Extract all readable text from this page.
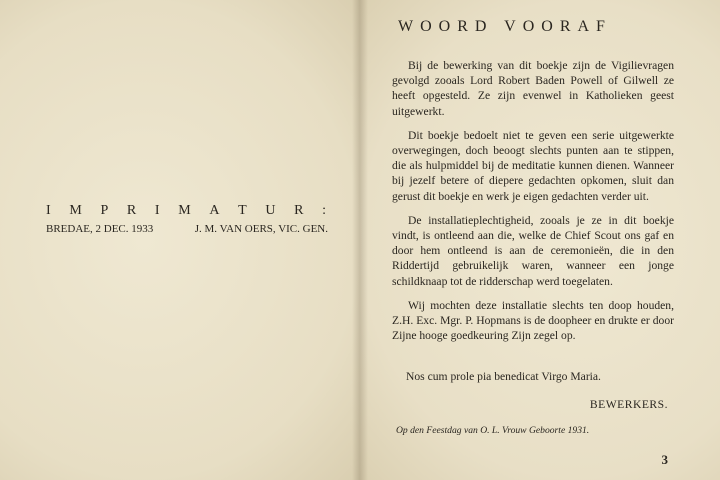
I M P R I M A T U R :
BREDAE, 2 DEC. 1933	J. M. VAN OERS, VIC. GEN.
WOORD VOORAF

Bij de bewerking van dit boekje zijn de Vigilievragen gevolgd zooals Lord Robert Baden Powell of Gilwell ze heeft opgesteld. Ze zijn evenwel in Katholieken geest uitgewerkt.

Dit boekje bedoelt niet te geven een serie uitgewerkte overwegingen, doch beoogt slechts punten aan te stippen, die als hulpmiddel bij de meditatie kunnen dienen. Wanneer bij jezelf betere of diepere gedachten opkomen, sluit dan gerust dit boekje en werk je eigen gedachten verder uit.

De installatieplechtigheid, zooals je ze in dit boekje vindt, is ontleend aan die, welke de Chief Scout ons gaf en door hem ontleend is aan de ceremonieën, die in den Riddertijd gebruikelijk waren, wanneer een jonge schildknaap tot de ridderschap werd toegelaten.

Wij mochten deze installatie slechts ten doop houden, Z.H. Exc. Mgr. P. Hopmans is de doopheer en drukte er door Zijne hooge goedkeuring Zijn zegel op.

Nos cum prole pia benedicat Virgo Maria.
BEWERKERS.
Op den Feestdag van O. L. Vrouw Geboorte 1931.
3
